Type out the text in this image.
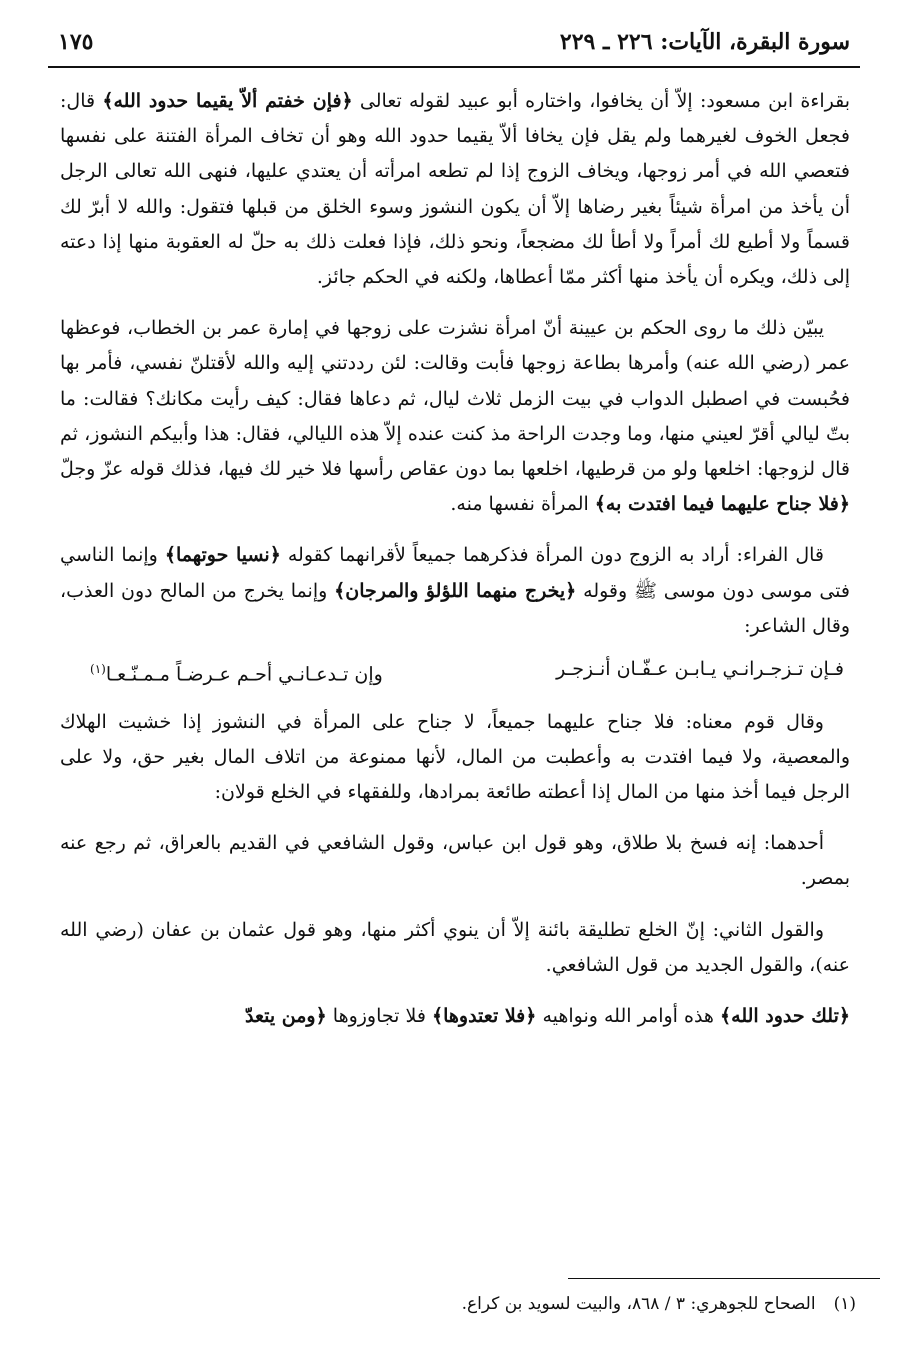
سورة البقرة، الآيات: ٢٢٦ ـ ٢٢٩
١٧٥

بقراءة ابن مسعود: إلاّ أن يخافوا، واختاره أبو عبيد لقوله تعالى ﴿فإن خفتم ألاّ يقيما حدود الله﴾ قال: فجعل الخوف لغيرهما ولم يقل فإن يخافا ألاّ يقيما حدود الله وهو أن تخاف المرأة الفتنة على نفسها فتعصي الله في أمر زوجها، ويخاف الزوج إذا لم تطعه امرأته أن يعتدي عليها، فنهى الله تعالى الرجل أن يأخذ من امرأة شيئاً بغير رضاها إلاّ أن يكون النشوز وسوء الخلق من قبلها فتقول: والله لا أبرّ لك قسماً ولا أطيع لك أمراً ولا أطأ لك مضجعاً، ونحو ذلك، فإذا فعلت ذلك به حلّ له العقوبة منها إذا دعته إلى ذلك، ويكره أن يأخذ منها أكثر ممّا أعطاها، ولكنه في الحكم جائز.

يبيّن ذلك ما روى الحكم بن عيينة أنّ امرأة نشزت على زوجها في إمارة عمر بن الخطاب، فوعظها عمر (رضي الله عنه) وأمرها بطاعة زوجها فأبت وقالت: لئن رددتني إليه والله لأقتلنّ نفسي، فأمر بها فحُبست في اصطبل الدواب في بيت الزمل ثلاث ليال، ثم دعاها فقال: كيف رأيت مكانك؟ فقالت: ما بتّ ليالي أقرّ لعيني منها، وما وجدت الراحة مذ كنت عنده إلاّ هذه الليالي، فقال: هذا وأبيكم النشوز، ثم قال لزوجها: اخلعها ولو من قرطيها، اخلعها بما دون عقاص رأسها فلا خير لك فيها، فذلك قوله عزّ وجلّ ﴿فلا جناح عليهما فيما افتدت به﴾ المرأة نفسها منه.

قال الفراء: أراد به الزوج دون المرأة فذكرهما جميعاً لأقرانهما كقوله ﴿نسيا حوتهما﴾ وإنما الناسي فتى موسى دون موسى ﷺ وقوله ﴿يخرج منهما اللؤلؤ والمرجان﴾ وإنما يخرج من المالح دون العذب، وقال الشاعر:

فـإن تـزجـرانـي يـابـن عـفّـان أنـزجـر
وإن تـدعـانـي أحـم عـرضـاً مـمـنّـعـا$^{(١)}$

وقال قوم معناه: فلا جناح عليهما جميعاً، لا جناح على المرأة في النشوز إذا خشيت الهلاك والمعصية، ولا فيما افتدت به وأعطبت من المال، لأنها ممنوعة من اتلاف المال بغير حق، ولا على الرجل فيما أخذ منها من المال إذا أعطته طائعة بمرادها، وللفقهاء في الخلع قولان:

أحدهما: إنه فسخ بلا طلاق، وهو قول ابن عباس، وقول الشافعي في القديم بالعراق، ثم رجع عنه بمصر.

والقول الثاني: إنّ الخلع تطليقة بائنة إلاّ أن ينوي أكثر منها، وهو قول عثمان بن عفان (رضي الله عنه)، والقول الجديد من قول الشافعي.

﴿تلك حدود الله﴾ هذه أوامر الله ونواهيه ﴿فلا تعتدوها﴾ فلا تجاوزوها ﴿ومن يتعدّ

(١)الصحاح للجوهري: ٣ / ٨٦٨، والبيت لسويد بن كراع.
